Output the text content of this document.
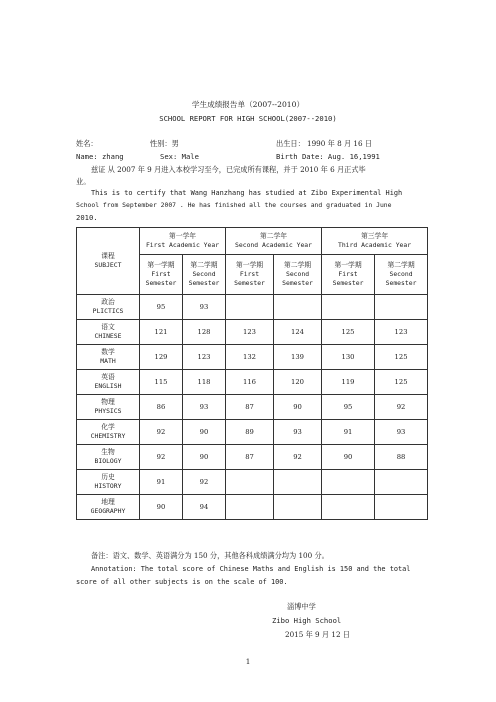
学生成绩报告单（2007--2010）
SCHOOL REPORT FOR HIGH SCHOOL(2007--2010)
姓名：	性别：男	出生日： 1990 年 8 月 16 日
Name: zhang	Sex: Male	Birth Date: Aug. 16,1991
兹证 从 2007 年 9 月进入本校学习至今，已完成所有课程，并于 2010 年 6 月正式毕
业。
This is to certify that Wang Hanzhang has studied at Zibo Experimental High
School from September 2007 . He has finished all the courses and graduated in June
2010.
课程
SUBJECT	第一学年
First Academic Year		第二学年
Second Academic Year		第三学年
Third Academic Year	

	第一学期
First
Semester	第二学期
Second
Semester	第一学期
First
Semester	第二学期
Second
Semester	第一学期
First
Semester	第二学期
Second
Semester

政治
PLICTICS	95	93				

语文
CHINESE	121	128	123	124	125	123

数学
MATH	129	123	132	139	130	125

英语
ENGLISH	115	118	116	120	119	125

物理
PHYSICS	86	93	87	90	95	92

化学
CHEMISTRY	92	90	89	93	91	93

生物
BIOLOGY	92	90	87	92	90	88

历史
HISTORY	91	92				

地理
GEOGRAPHY	90	94				
备注：语文、数学、英语满分为 150 分，其他各科成绩满分均为 100 分。
Annotation: The total score of Chinese Maths and English is 150 and the total
score of all other subjects is on the scale of 100.
淄博中学
Zibo High School
2015 年 9 月 12 日
1
